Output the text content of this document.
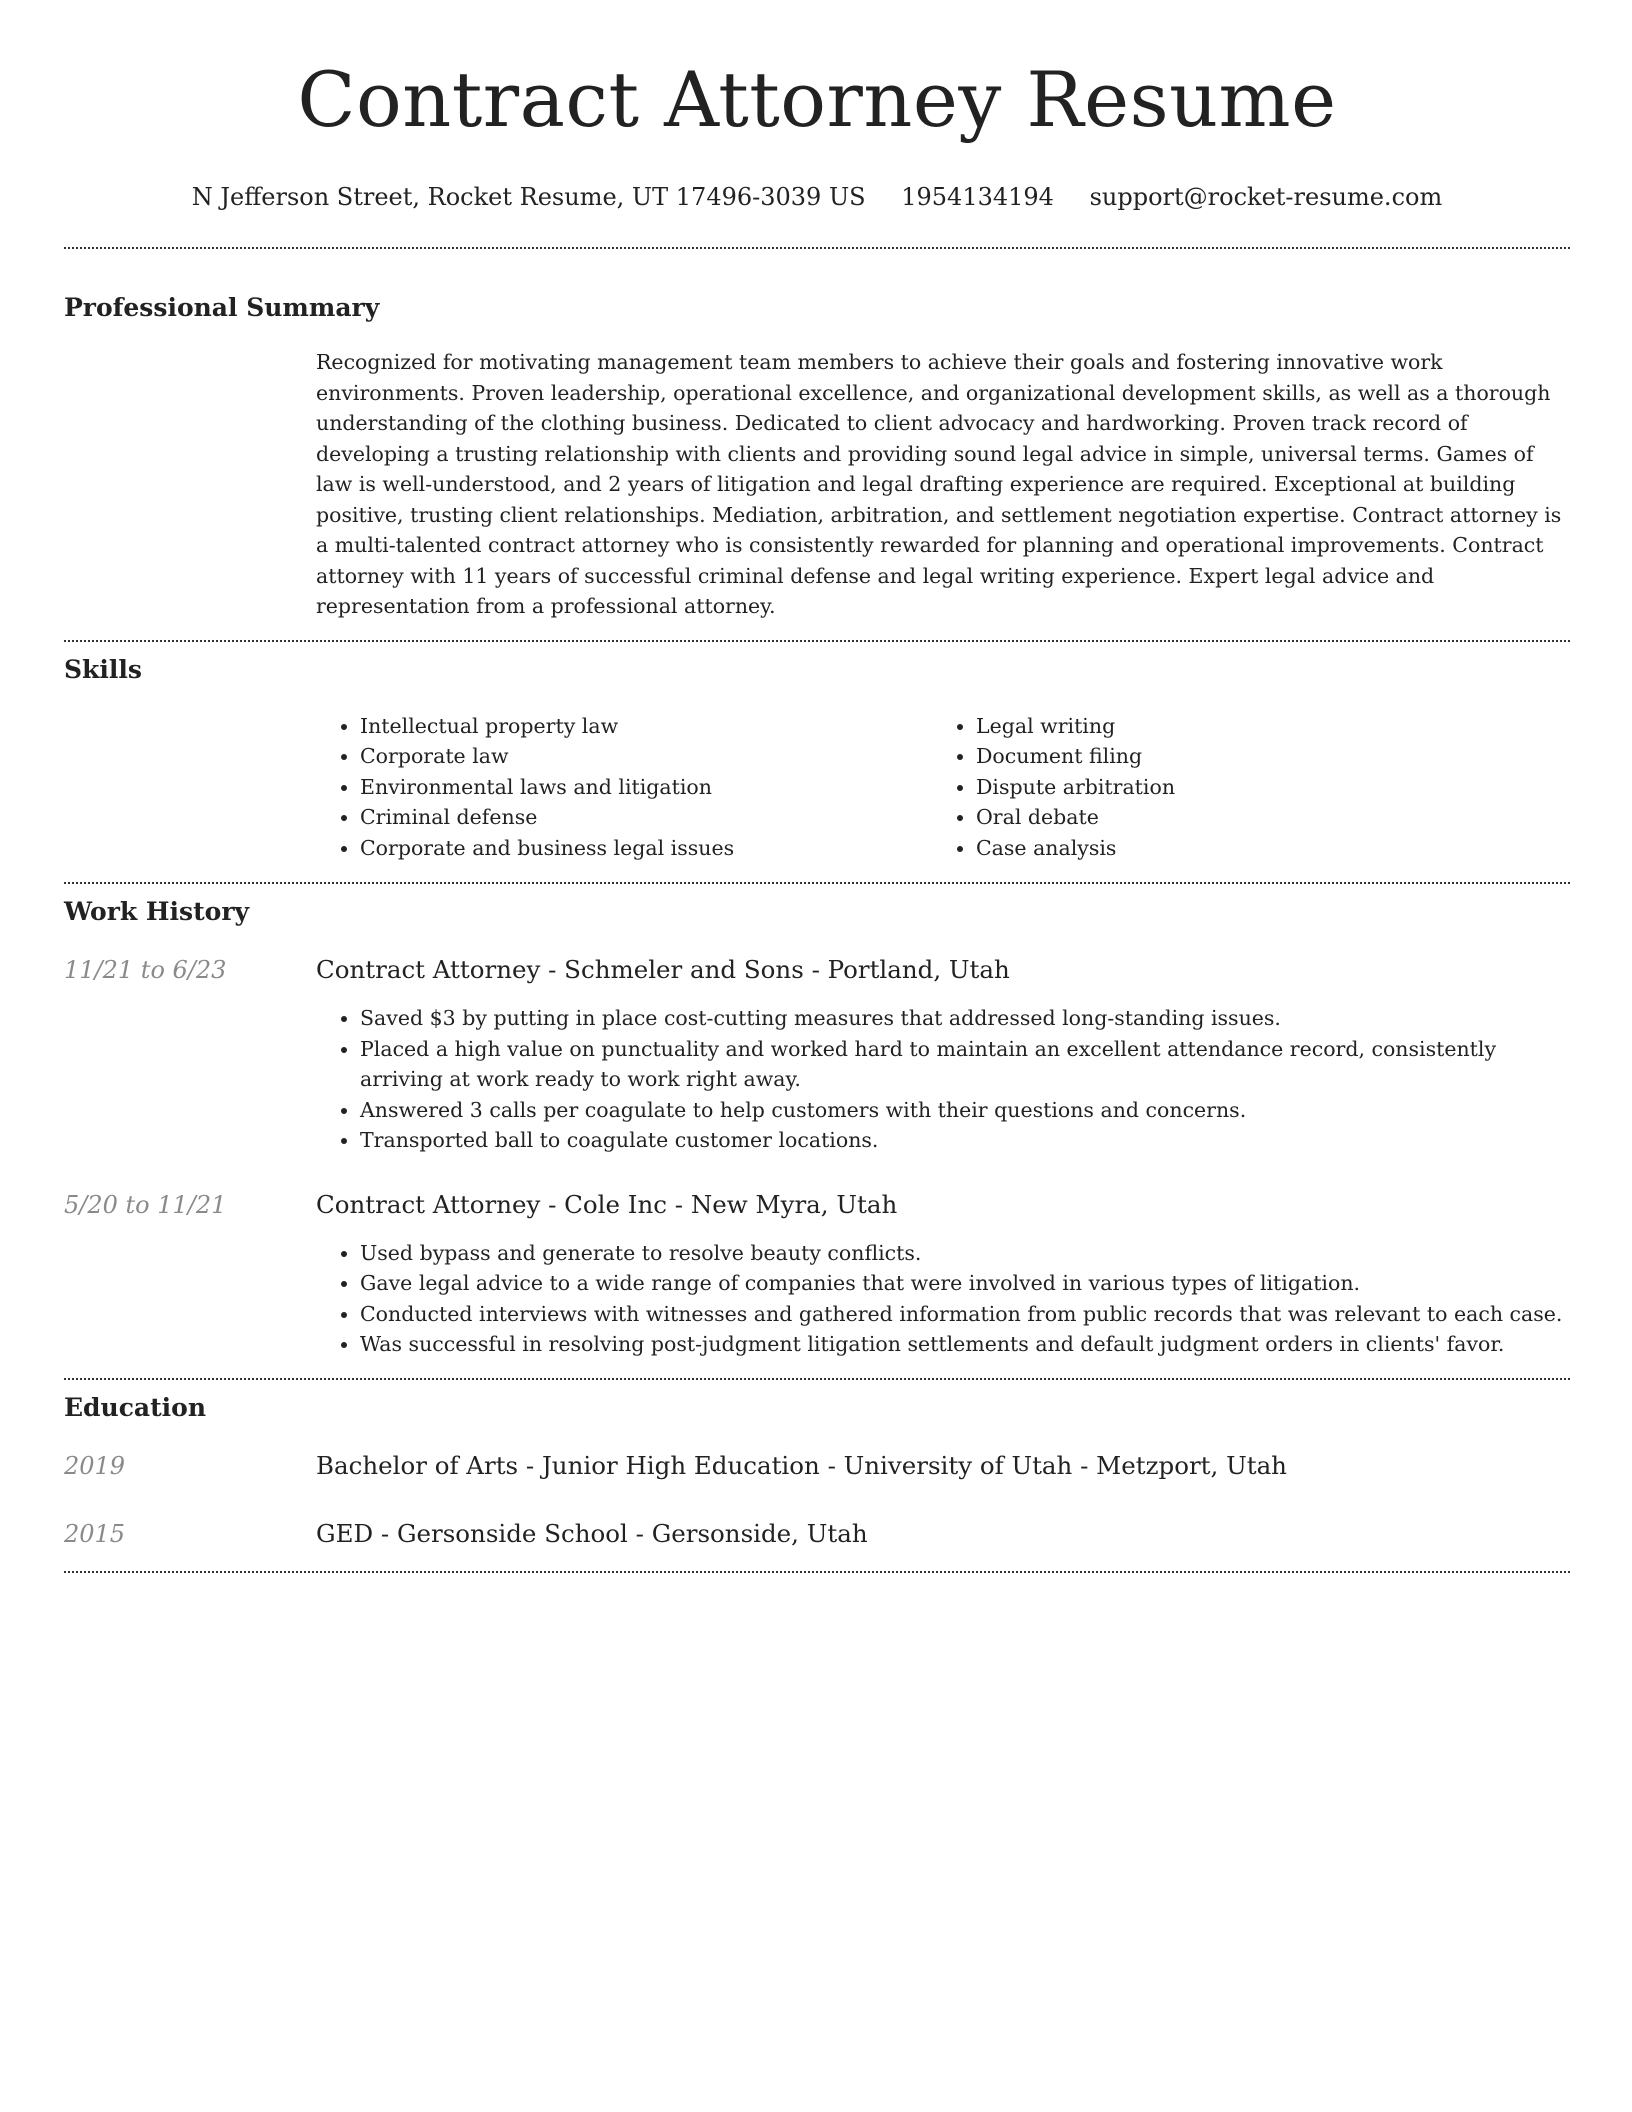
Contract Attorney Resume
N Jefferson Street, Rocket Resume, UT 17496-3039 US 1954134194 support@rocket-resume.com
Professional Summary

Recognized for motivating management team members to achieve their goals and fostering innovative work environments. Proven leadership, operational excellence, and organizational development skills, as well as a thorough understanding of the clothing business. Dedicated to client advocacy and hardworking. Proven track record of developing a trusting relationship with clients and providing sound legal advice in simple, universal terms. Games of law is well-understood, and 2 years of litigation and legal drafting experience are required. Exceptional at building positive, trusting client relationships. Mediation, arbitration, and settlement negotiation expertise. Contract attorney is a multi-talented contract attorney who is consistently rewarded for planning and operational improvements. Contract attorney with 11 years of successful criminal defense and legal writing experience. Expert legal advice and representation from a professional attorney.

Skills
• Intellectual property law
• Corporate law
• Environmental laws and litigation
• Criminal defense
• Corporate and business legal issues
• Legal writing
• Document filing
• Dispute arbitration
• Oral debate
• Case analysis
Work History
11/21 to 6/23	Contract Attorney - Schmeler and Sons - Portland, Utah
• Saved $3 by putting in place cost-cutting measures that addressed long-standing issues.
• Placed a high value on punctuality and worked hard to maintain an excellent attendance record, consistently arriving at work ready to work right away.
• Answered 3 calls per coagulate to help customers with their questions and concerns.
• Transported ball to coagulate customer locations.
5/20 to 11/21	Contract Attorney - Cole Inc - New Myra, Utah
• Used bypass and generate to resolve beauty conflicts.
• Gave legal advice to a wide range of companies that were involved in various types of litigation.
• Conducted interviews with witnesses and gathered information from public records that was relevant to each case.
• Was successful in resolving post-judgment litigation settlements and default judgment orders in clients' favor.
Education
2019	Bachelor of Arts - Junior High Education - University of Utah - Metzport, Utah
2015	GED - Gersonside School - Gersonside, Utah
